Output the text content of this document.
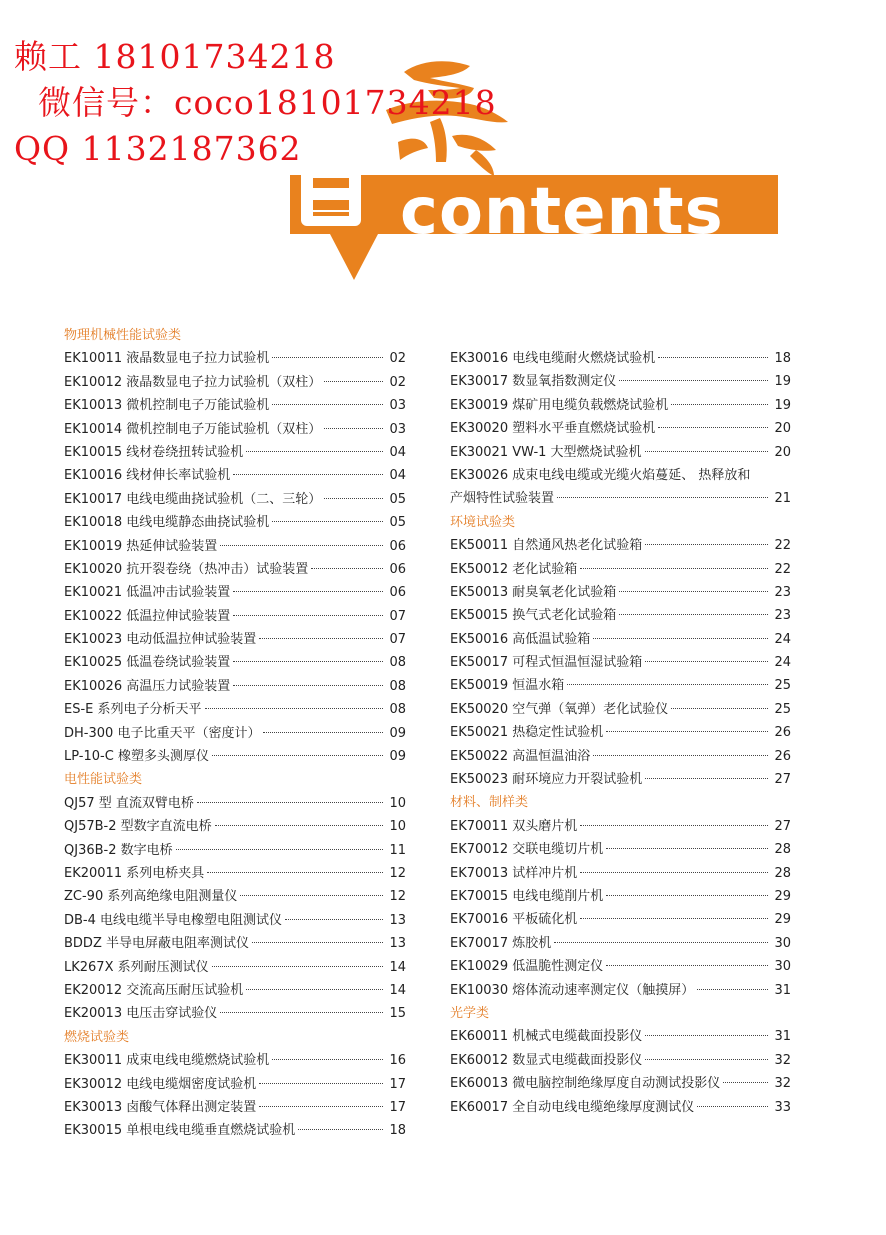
contents
赖工 18101734218
微信号：coco18101734218
QQ 1132187362
物理机械性能试验类
EK10011 液晶数显电子拉力试验机	02
EK10012 液晶数显电子拉力试验机（双柱）	02
EK10013 微机控制电子万能试验机	03
EK10014 微机控制电子万能试验机（双柱）	03
EK10015 线材卷绕扭转试验机	04
EK10016 线材伸长率试验机	04
EK10017 电线电缆曲挠试验机（二、三轮）	05
EK10018 电线电缆静态曲挠试验机	05
EK10019 热延伸试验装置	06
EK10020 抗开裂卷绕（热冲击）试验装置	06
EK10021 低温冲击试验装置	06
EK10022 低温拉伸试验装置	07
EK10023 电动低温拉伸试验装置	07
EK10025 低温卷绕试验装置	08
EK10026 高温压力试验装置	08
ES-E 系列电子分析天平	08
DH-300 电子比重天平（密度计）	09
LP-10-C 橡塑多头测厚仪	09
电性能试验类
QJ57 型 直流双臂电桥	10
QJ57B-2 型数字直流电桥	10
QJ36B-2 数字电桥	11
EK20011 系列电桥夹具	12
ZC-90 系列高绝缘电阻测量仪	12
DB-4 电线电缆半导电橡塑电阻测试仪	13
BDDZ 半导电屏蔽电阻率测试仪	13
LK267X 系列耐压测试仪	14
EK20012 交流高压耐压试验机	14
EK20013 电压击穿试验仪	15
燃烧试验类
EK30011 成束电线电缆燃烧试验机	16
EK30012 电线电缆烟密度试验机	17
EK30013 卤酸气体释出测定装置	17
EK30015 单根电线电缆垂直燃烧试验机	18
EK30016 电线电缆耐火燃烧试验机	18
EK30017 数显氧指数测定仪	19
EK30019 煤矿用电缆负载燃烧试验机	19
EK30020 塑料水平垂直燃烧试验机	20
EK30021 VW-1 大型燃烧试验机	20
EK30026 成束电线电缆或光缆火焰蔓延、 热释放和
产烟特性试验装置	21
环境试验类
EK50011 自然通风热老化试验箱	22
EK50012 老化试验箱	22
EK50013 耐臭氧老化试验箱	23
EK50015 换气式老化试验箱	23
EK50016 高低温试验箱	24
EK50017 可程式恒温恒湿试验箱	24
EK50019 恒温水箱	25
EK50020 空气弹（氧弹）老化试验仪	25
EK50021 热稳定性试验机	26
EK50022 高温恒温油浴	26
EK50023 耐环境应力开裂试验机	27
材料、制样类
EK70011 双头磨片机	27
EK70012 交联电缆切片机	28
EK70013 试样冲片机	28
EK70015 电线电缆削片机	29
EK70016 平板硫化机	29
EK70017 炼胶机	30
EK10029 低温脆性测定仪	30
EK10030 熔体流动速率测定仪（触摸屏）	31
光学类
EK60011 机械式电缆截面投影仪	31
EK60012 数显式电缆截面投影仪	32
EK60013 微电脑控制绝缘厚度自动测试投影仪	32
EK60017 全自动电线电缆绝缘厚度测试仪	33
